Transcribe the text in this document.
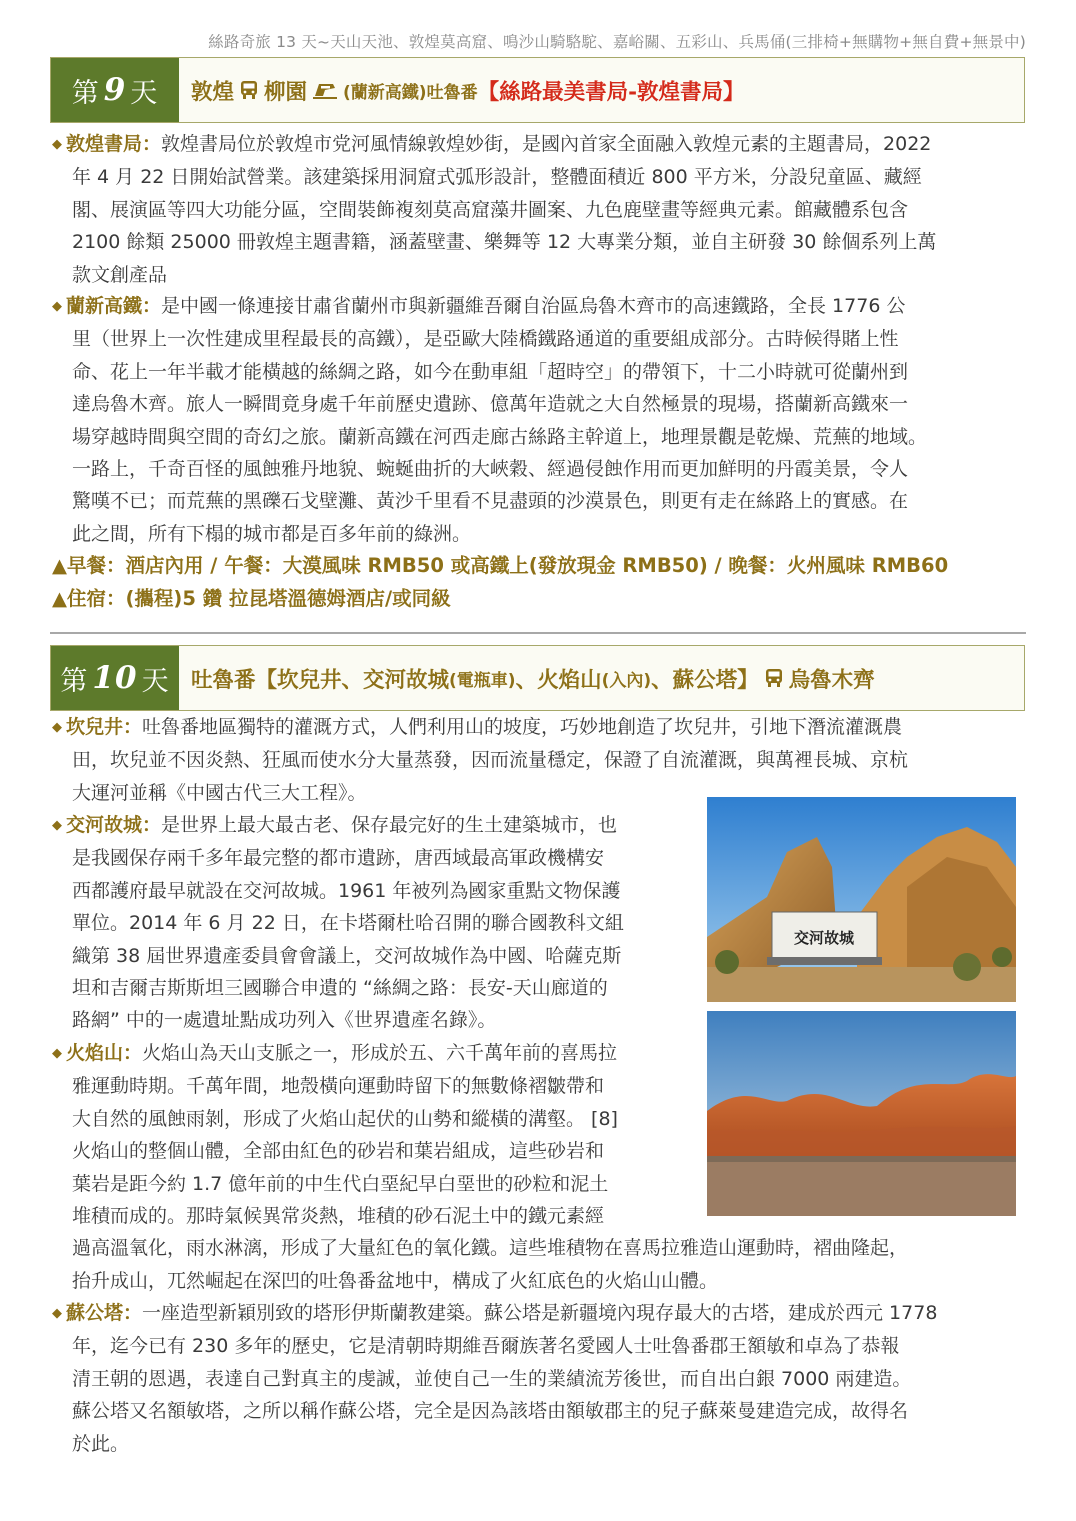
絲路奇旅 13 天~天山天池、敦煌莫高窟、鳴沙山騎駱駝、嘉峪關、五彩山、兵馬俑(三排椅+無購物+無自費+無景中)
第 9 天 敦煌 柳園 (蘭新高鐵)吐魯番 【絲路最美書局-敦煌書局】
◆ 敦煌書局：敦煌書局位於敦煌市党河風情線敦煌妙街，是國內首家全面融入敦煌元素的主題書局，2022
年 4 月 22 日開始試營業。該建築採用洞窟式弧形設計，整體面積近 800 平方米，分設兒童區、藏經
閣、展演區等四大功能分區，空間裝飾複刻莫高窟藻井圖案、九色鹿壁畫等經典元素。館藏體系包含
2100 餘類 25000 冊敦煌主題書籍，涵蓋壁畫、樂舞等 12 大專業分類，並自主研發 30 餘個系列上萬
款文創產品
◆ 蘭新高鐵：是中國一條連接甘肅省蘭州市與新疆維吾爾自治區烏魯木齊市的高速鐵路，全長 1776 公
里（世界上一次性建成里程最長的高鐵），是亞歐大陸橋鐵路通道的重要組成部分。古時候得賭上性
命、花上一年半載才能橫越的絲綢之路，如今在動車組「超時空」的帶領下，十二小時就可從蘭州到
達烏魯木齊。旅人一瞬間竟身處千年前歷史遺跡、億萬年造就之大自然極景的現場，搭蘭新高鐵來一
場穿越時間與空間的奇幻之旅。蘭新高鐵在河西走廊古絲路主幹道上，地理景觀是乾燥、荒蕪的地域。
一路上，千奇百怪的風蝕雅丹地貌、蜿蜒曲折的大峽穀、經過侵蝕作用而更加鮮明的丹霞美景，令人
驚嘆不已；而荒蕪的黑礫石戈壁灘、黃沙千里看不見盡頭的沙漠景色，則更有走在絲路上的實感。在
此之間，所有下榻的城市都是百多年前的綠洲。
▲早餐：酒店內用 / 午餐：大漠風味 RMB50 或高鐵上(發放現金 RMB50) / 晚餐：火州風味 RMB60
▲住宿：(攜程)5 鑽 拉昆塔溫德姆酒店/或同級
第 10 天 吐魯番【坎兒井、交河故城 (電瓶車) 、火焰山 (入內) 、蘇公塔】 烏魯木齊
◆ 坎兒井：吐魯番地區獨特的灌溉方式，人們利用山的坡度，巧妙地創造了坎兒井，引地下潛流灌溉農
田，坎兒並不因炎熱、狂風而使水分大量蒸發，因而流量穩定，保證了自流灌溉，與萬裡長城、京杭
大運河並稱《中國古代三大工程》。
◆ 交河故城：是世界上最大最古老、保存最完好的生土建築城市，也
是我國保存兩千多年最完整的都市遺跡，唐西域最高軍政機構安
西都護府最早就設在交河故城。1961 年被列為國家重點文物保護
單位。2014 年 6 月 22 日，在卡塔爾杜哈召開的聯合國教科文組
織第 38 屆世界遺產委員會會議上，交河故城作為中國、哈薩克斯
坦和吉爾吉斯斯坦三國聯合申遺的 “絲綢之路：長安-天山廊道的
路網” 中的一處遺址點成功列入《世界遺產名錄》。
◆ 火焰山：火焰山為天山支脈之一，形成於五、六千萬年前的喜馬拉
雅運動時期。千萬年間，地殼橫向運動時留下的無數條褶皺帶和
大自然的風蝕雨剝，形成了火焰山起伏的山勢和縱橫的溝壑。 [8]
火焰山的整個山體，全部由紅色的砂岩和葉岩組成，這些砂岩和
葉岩是距今約 1.7 億年前的中生代白堊紀早白堊世的砂粒和泥土
堆積而成的。那時氣候異常炎熱，堆積的砂石泥土中的鐵元素經
過高溫氧化，雨水淋漓，形成了大量紅色的氧化鐵。這些堆積物在喜馬拉雅造山運動時，褶曲隆起，
抬升成山，兀然崛起在深凹的吐魯番盆地中，構成了火紅底色的火焰山山體。
◆ 蘇公塔：一座造型新穎別致的塔形伊斯蘭教建築。蘇公塔是新疆境內現存最大的古塔，建成於西元 1778
年，迄今已有 230 多年的歷史，它是清朝時期維吾爾族著名愛國人士吐魯番郡王額敏和卓為了恭報
清王朝的恩遇，表達自己對真主的虔誠，並使自己一生的業績流芳後世，而自出白銀 7000 兩建造。
蘇公塔又名額敏塔，之所以稱作蘇公塔，完全是因為該塔由額敏郡主的兒子蘇萊曼建造完成，故得名
於此。
交河故城
